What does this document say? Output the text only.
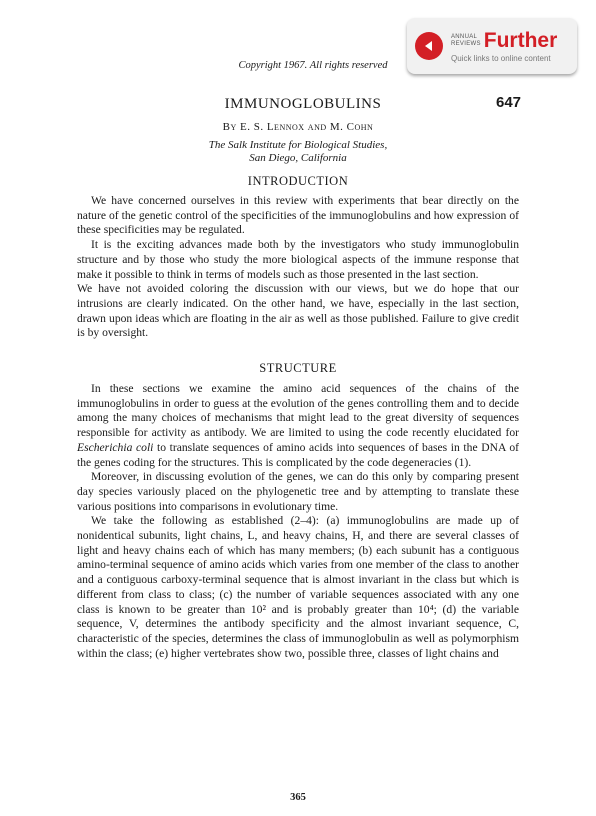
ANNUAL
REVIEWS Further
Quick links to online content
Copyright 1967. All rights reserved
IMMUNOGLOBULINS	647
By E. S. Lennox and M. Cohn
The Salk Institute for Biological Studies,
San Diego, California
INTRODUCTION

We have concerned ourselves in this review with experiments that bear directly on the nature of the genetic control of the specificities of the immunoglobulins and how expression of these specificities may be regulated.

It is the exciting advances made both by the investigators who study immunoglobulin structure and by those who study the more biological aspects of the immune response that make it possible to think in terms of models such as those presented in the last section.

We have not avoided coloring the discussion with our views, but we do hope that our intrusions are clearly indicated. On the other hand, we have, especially in the last section, drawn upon ideas which are floating in the air as well as those published. Failure to give credit is by oversight.

STRUCTURE

In these sections we examine the amino acid sequences of the chains of the immunoglobulins in order to guess at the evolution of the genes controlling them and to decide among the many choices of mechanisms that might lead to the great diversity of sequences responsible for activity as antibody. We are limited to using the code recently elucidated for Escherichia coli to translate sequences of amino acids into sequences of bases in the DNA of the genes coding for the structures. This is complicated by the code degeneracies (1).

Moreover, in discussing evolution of the genes, we can do this only by comparing present day species variously placed on the phylogenetic tree and by attempting to translate these various positions into comparisons in evolutionary time.

We take the following as established (2–4): (a) immunoglobulins are made up of nonidentical subunits, light chains, L, and heavy chains, H, and there are several classes of light and heavy chains each of which has many members; (b) each subunit has a contiguous amino-terminal sequence of amino acids which varies from one member of the class to another and a contiguous carboxy-terminal sequence that is almost invariant in the class but which is different from class to class; (c) the number of variable sequences associated with any one class is known to be greater than 10² and is probably greater than 10⁴; (d) the variable sequence, V, determines the antibody specificity and the almost invariant sequence, C, characteristic of the species, determines the class of immunoglobulin as well as polymorphism within the class; (e) higher vertebrates show two, possible three, classes of light chains and

365
